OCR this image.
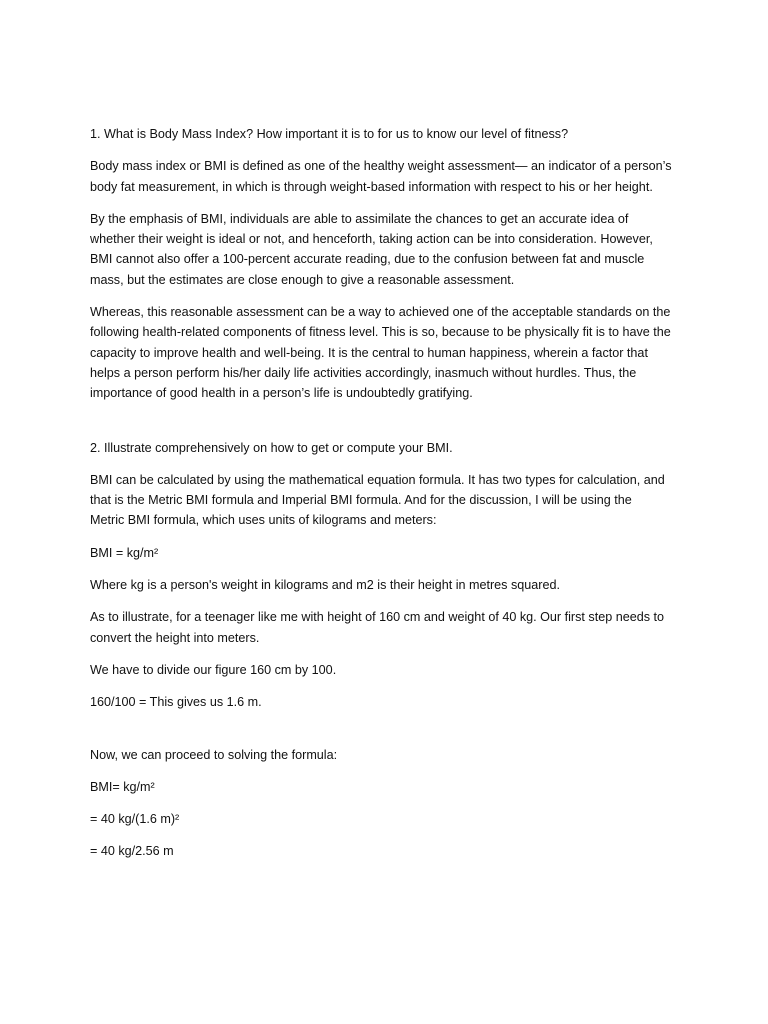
1. What is Body Mass Index? How important it is to for us to know our level of fitness?

Body mass index or BMI is defined as one of the healthy weight assessment— an indicator of a person’s
body fat measurement, in which is through weight-based information with respect to his or her height.

By the emphasis of BMI, individuals are able to assimilate the chances to get an accurate idea of
whether their weight is ideal or not, and henceforth, taking action can be into consideration. However,
BMI cannot also offer a 100-percent accurate reading, due to the confusion between fat and muscle
mass, but the estimates are close enough to give a reasonable assessment.

Whereas, this reasonable assessment can be a way to achieved one of the acceptable standards on the
following health-related components of fitness level. This is so, because to be physically fit is to have the
capacity to improve health and well-being. It is the central to human happiness, wherein a factor that
helps a person perform his/her daily life activities accordingly, inasmuch without hurdles. Thus, the
importance of good health in a person’s life is undoubtedly gratifying.

2. Illustrate comprehensively on how to get or compute your BMI.

BMI can be calculated by using the mathematical equation formula. It has two types for calculation, and
that is the Metric BMI formula and Imperial BMI formula. And for the discussion, I will be using the
Metric BMI formula, which uses units of kilograms and meters:

BMI = kg/m²

Where kg is a person's weight in kilograms and m2 is their height in metres squared.

As to illustrate, for a teenager like me with height of 160 cm and weight of 40 kg. Our first step needs to
convert the height into meters.

We have to divide our figure 160 cm by 100.

160/100 = This gives us 1.6 m.

Now, we can proceed to solving the formula:

BMI= kg/m²

= 40 kg/(1.6 m)²

= 40 kg/2.56 m
